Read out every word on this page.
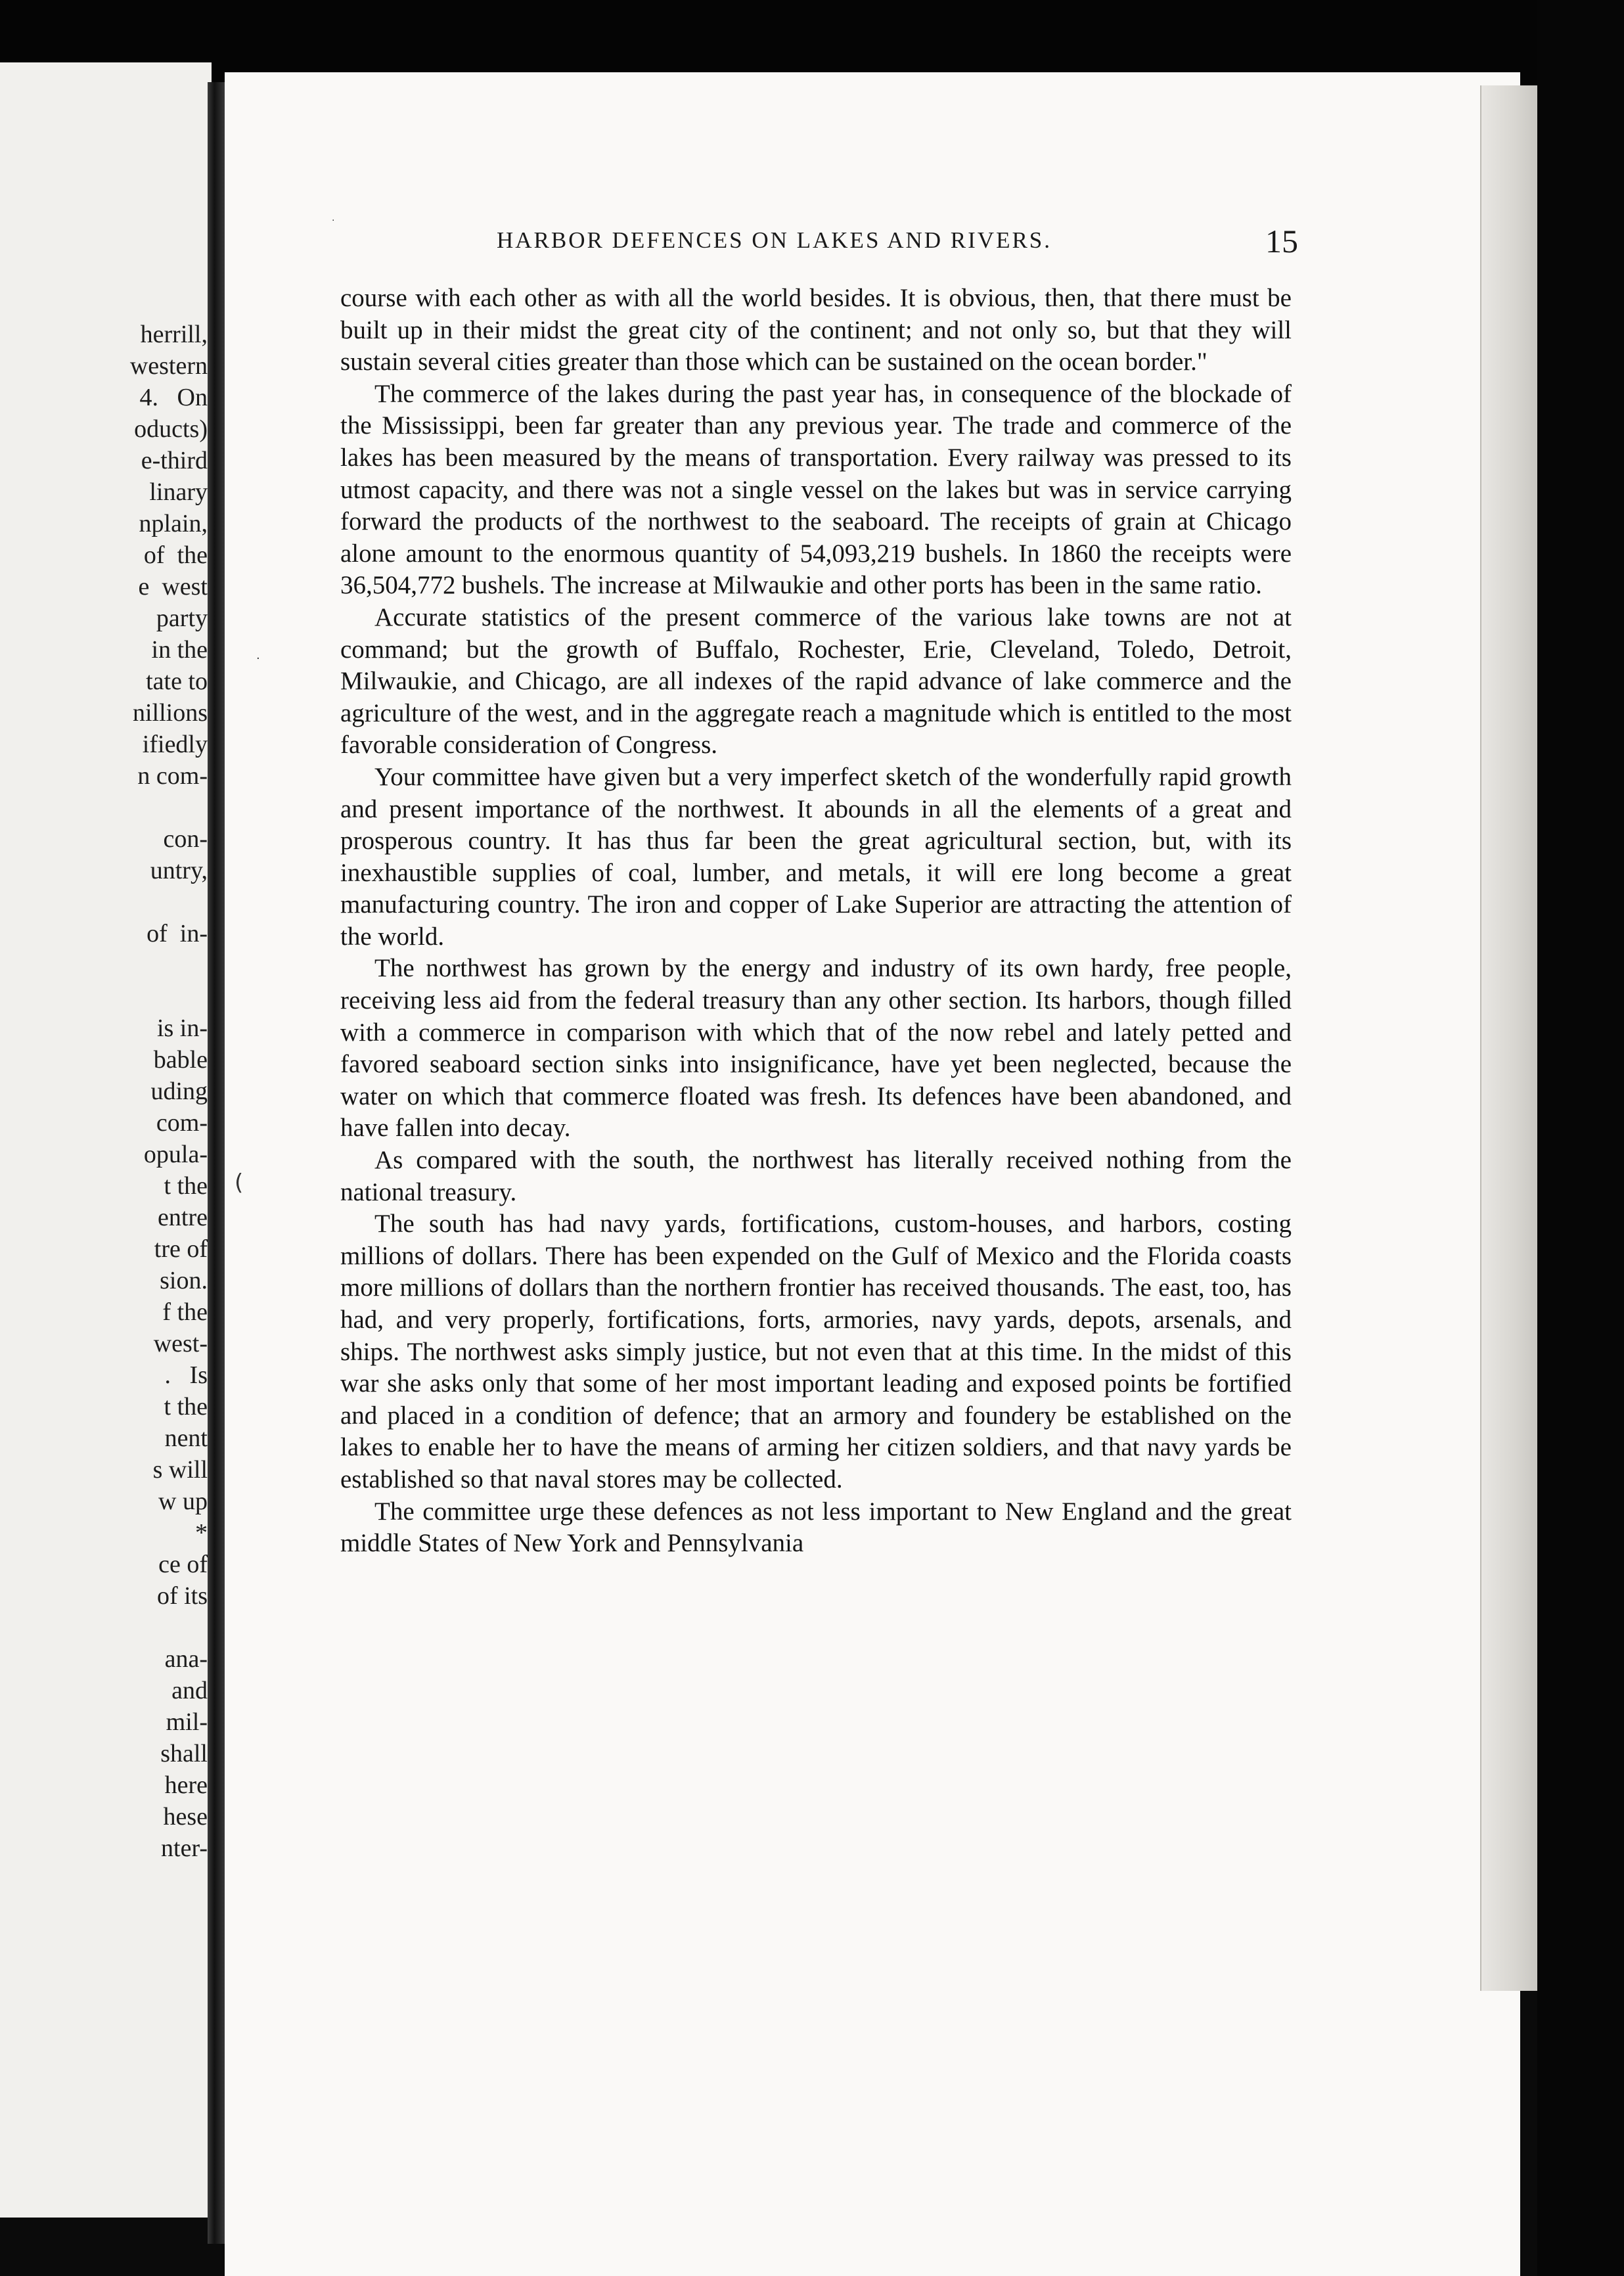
herrill,
western
4.   On
oducts)
e-third
linary
nplain,
of  the
e  west
party
in the
tate to
nillions
ifiedly
n com-
con-
untry,
of  in-
is in-
bable
uding
com-
opula-
t the
entre
tre of
sion.
f the
west-
.   Is
t the
nent
s will
w up
*
ce of
of its
ana-
and
mil-
shall
here
hese
nter-
HARBOR DEFENCES ON LAKES AND RIVERS.	15
·
(
·

course with each other as with all the world besides. It is obvious, then, that there must be built up in their midst the great city of the continent; and not only so, but that they will sustain several cities greater than those which can be sustained on the ocean border."

The commerce of the lakes during the past year has, in consequence of the blockade of the Mississippi, been far greater than any previous year. The trade and commerce of the lakes has been measured by the means of transportation. Every railway was pressed to its utmost capacity, and there was not a single vessel on the lakes but was in service carrying forward the products of the northwest to the seaboard. The receipts of grain at Chicago alone amount to the enormous quantity of 54,093,219 bushels. In 1860 the receipts were 36,504,772 bushels. The increase at Milwaukie and other ports has been in the same ratio.

Accurate statistics of the present commerce of the various lake towns are not at command; but the growth of Buffalo, Rochester, Erie, Cleveland, Toledo, Detroit, Milwaukie, and Chicago, are all indexes of the rapid advance of lake commerce and the agriculture of the west, and in the aggregate reach a magnitude which is entitled to the most favorable consideration of Congress.

Your committee have given but a very imperfect sketch of the wonderfully rapid growth and present importance of the northwest. It abounds in all the elements of a great and prosperous country. It has thus far been the great agricultural section, but, with its inexhaustible supplies of coal, lumber, and metals, it will ere long become a great manufacturing country. The iron and copper of Lake Superior are attracting the attention of the world.

The northwest has grown by the energy and industry of its own hardy, free people, receiving less aid from the federal treasury than any other section. Its harbors, though filled with a commerce in comparison with which that of the now rebel and lately petted and favored seaboard section sinks into insignificance, have yet been neglected, because the water on which that commerce floated was fresh. Its defences have been abandoned, and have fallen into decay.

As compared with the south, the northwest has literally received nothing from the national treasury.

The south has had navy yards, fortifications, custom-houses, and harbors, costing millions of dollars. There has been expended on the Gulf of Mexico and the Florida coasts more millions of dollars than the northern frontier has received thousands. The east, too, has had, and very properly, fortifications, forts, armories, navy yards, depots, arsenals, and ships. The northwest asks simply justice, but not even that at this time. In the midst of this war she asks only that some of her most important leading and exposed points be fortified and placed in a condition of defence; that an armory and foundery be established on the lakes to enable her to have the means of arming her citizen soldiers, and that navy yards be established so that naval stores may be collected.

The committee urge these defences as not less important to New England and the great middle States of New York and Pennsylvania
